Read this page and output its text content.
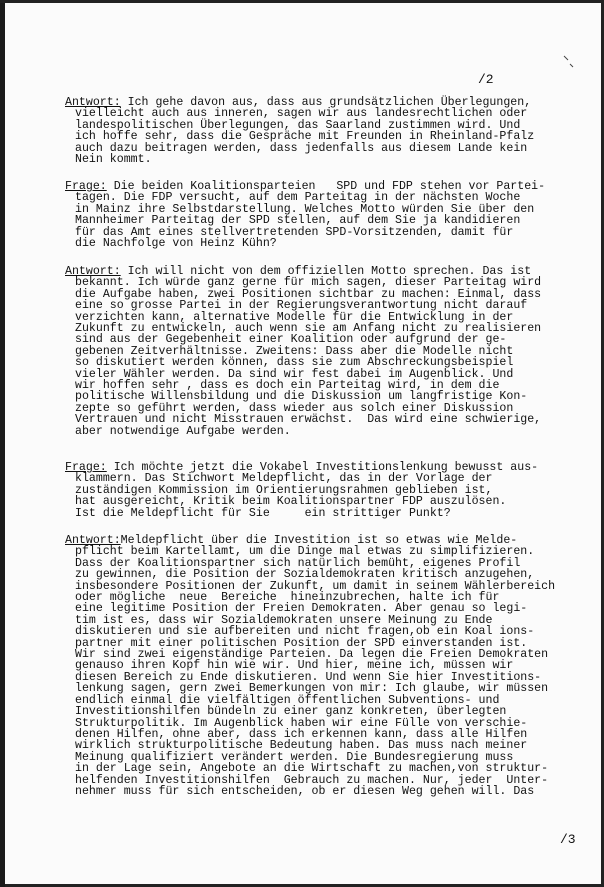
/2
Antwort: Ich gehe davon aus, dass aus grundsätzlichen Überlegungen,
vielleicht auch aus inneren, sagen wir aus landesrechtlichen oder
landespolitischen Überlegungen, das Saarland zustimmen wird. Und
ich hoffe sehr, dass die Gespräche mit Freunden in Rheinland-Pfalz
auch dazu beitragen werden, dass jedenfalls aus diesem Lande kein
Nein kommt.
Frage: Die beiden Koalitionsparteien   SPD und FDP stehen vor Partei-
tagen. Die FDP versucht, auf dem Parteitag in der nächsten Woche
in Mainz ihre Selbstdarstellung. Welches Motto würden Sie über den
Mannheimer Parteitag der SPD stellen, auf dem Sie ja kandidieren
für das Amt eines stellvertretenden SPD-Vorsitzenden, damit für
die Nachfolge von Heinz Kühn?
Antwort: Ich will nicht von dem offiziellen Motto sprechen. Das ist
bekannt. Ich würde ganz gerne für mich sagen, dieser Parteitag wird
die Aufgabe haben, zwei Positionen sichtbar zu machen: Einmal, dass
eine so grosse Partei in der Regierungsverantwortung nicht darauf
verzichten kann, alternative Modelle für die Entwicklung in der
Zukunft zu entwickeln, auch wenn sie am Anfang nicht zu realisieren
sind aus der Gegebenheit einer Koalition oder aufgrund der ge-
gebenen Zeitverhältnisse. Zweitens: Dass aber die Modelle nicht
so diskutiert werden können, dass sie zum Abschreckungsbeispiel
vieler Wähler werden. Da sind wir fest dabei im Augenblick. Und
wir hoffen sehr , dass es doch ein Parteitag wird, in dem die
politische Willensbildung und die Diskussion um langfristige Kon-
zepte so geführt werden, dass wieder aus solch einer Diskussion
Vertrauen und nicht Misstrauen erwächst.  Das wird eine schwierige,
aber notwendige Aufgabe werden.
Frage: Ich möchte jetzt die Vokabel Investitionslenkung bewusst aus-
klammern. Das Stichwort Meldepflicht, das in der Vorlage der
zuständigen Kommission im Orientierungsrahmen geblieben ist,
hat ausgereicht, Kritik beim Koalitionspartner FDP auszulösen.
Ist die Meldepflicht für Sie     ein strittiger Punkt?
Antwort:Meldepflicht über die Investition ist so etwas wie Melde-
pflicht beim Kartellamt, um die Dinge mal etwas zu simplifizieren.
Dass der Koalitionspartner sich natürlich bemüht, eigenes Profil
zu gewinnen, die Position der Sozialdemokraten kritisch anzugehen,
insbesondere Positionen der Zukunft, um damit in seinem Wählerbereich
oder mögliche  neue  Bereiche  hineinzubrechen, halte ich für
eine legitime Position der Freien Demokraten. Aber genau so legi-
tim ist es, dass wir Sozialdemokraten unsere Meinung zu Ende
diskutieren und sie aufbereiten und nicht fragen,ob ein Koal ions-
partner mit einer politischen Position der SPD einverstanden ist.
Wir sind zwei eigenständige Parteien. Da legen die Freien Demokraten
genauso ihren Kopf hin wie wir. Und hier, meine ich, müssen wir
diesen Bereich zu Ende diskutieren. Und wenn Sie hier Investitions-
lenkung sagen, gern zwei Bemerkungen von mir: Ich glaube, wir müssen
endlich einmal die vielfältigen öffentlichen Subventions- und
Investitionshilfen bündeln zu einer ganz konkreten, überlegten
Strukturpolitik. Im Augenblick haben wir eine Fülle von verschie-
denen Hilfen, ohne aber, dass ich erkennen kann, dass alle Hilfen
wirklich strukturpolitische Bedeutung haben. Das muss nach meiner
Meinung qualifiziert verändert werden. Die Bundesregierung muss
in der Lage sein, Angebote an die Wirtschaft zu machen,von struktur-
helfenden Investitionshilfen  Gebrauch zu machen. Nur, jeder  Unter-
nehmer muss für sich entscheiden, ob er diesen Weg gehen will. Das
/3
